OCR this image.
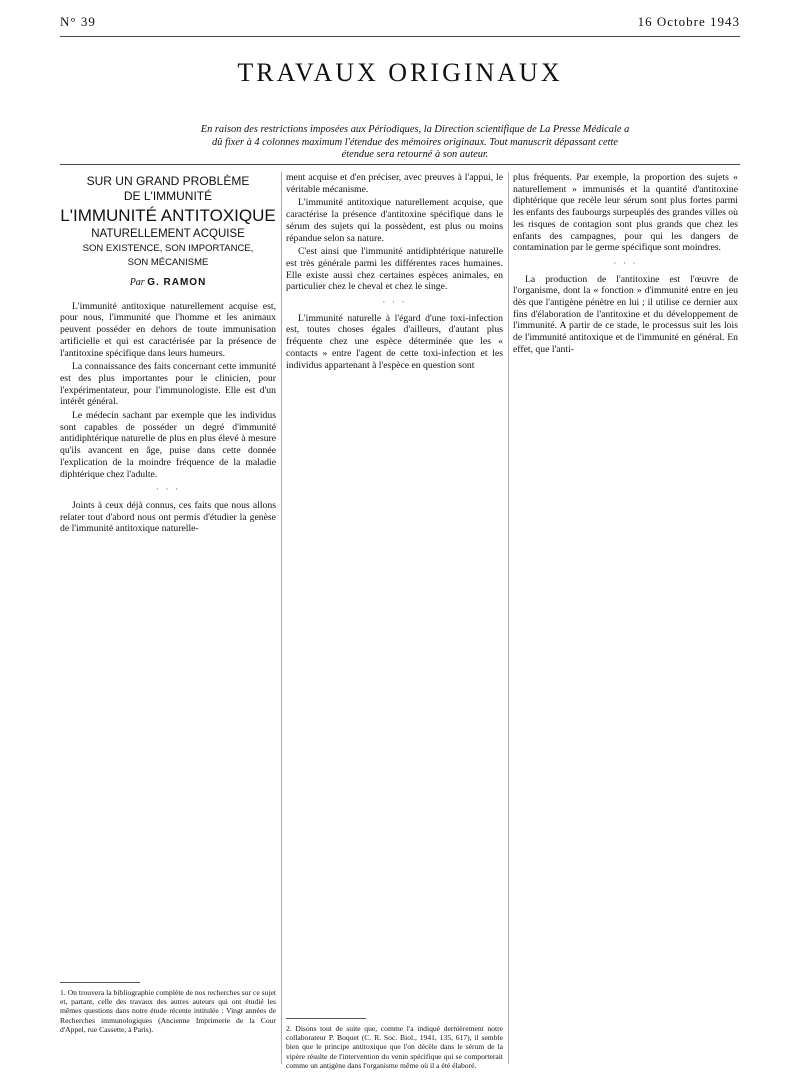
N° 39	16 Octobre 1943
TRAVAUX ORIGINAUX
En raison des restrictions imposées aux Périodiques, la Direction scientifique de La Presse Médicale a dû fixer à 4 colonnes maximum l'étendue des mémoires originaux. Tout manuscrit dépassant cette étendue sera retourné à son auteur.
SUR UN GRAND PROBLÈME
DE L'IMMUNITÉ
L'IMMUNITÉ ANTITOXIQUE
NATURELLEMENT ACQUISE
SON EXISTENCE, SON IMPORTANCE,
SON MÉCANISME
Par G. RAMON

L'immunité antitoxique naturellement acquise est, pour nous, l'immunité que l'homme et les animaux peuvent posséder en dehors de toute immunisation artificielle et qui est caractérisée par la présence de l'antitoxine spécifique dans leurs humeurs.

La connaissance des faits concernant cette immunité est des plus importantes pour le clinicien, pour l'expérimentateur, pour l'immunologiste. Elle est d'un intérêt général.

Le médecin sachant par exemple que les individus sont capables de posséder un degré d'immunité antidiphtérique naturelle de plus en plus élevé à mesure qu'ils avancent en âge, puise dans cette donnée l'explication de la moindre fréquence de la maladie diphtérique chez l'adulte.

· · ·

Joints à ceux déjà connus, ces faits que nous allons relater tout d'abord nous ont permis d'étudier la genèse de l'immunité antitoxique naturelle-

ment acquise et d'en préciser, avec preuves à l'appui, le véritable mécanisme.

L'immunité antitoxique naturellement acquise, que caractérise la présence d'antitoxine spécifique dans le sérum des sujets qui la possèdent, est plus ou moins répandue selon sa nature.

C'est ainsi que l'immunité antidiphtérique naturelle est très générale parmi les différentes races humaines. Elle existe aussi chez certaines espèces animales, en particulier chez le cheval et chez le singe.

· · ·

L'immunité naturelle à l'égard d'une toxi-infection est, toutes choses égales d'ailleurs, d'autant plus fréquente chez une espèce déterminée que les « contacts » entre l'agent de cette toxi-infection et les individus appartenant à l'espèce en question sont

plus fréquents. Par exemple, la proportion des sujets « naturellement » immunisés et la quantité d'antitoxine diphtérique que recèle leur sérum sont plus fortes parmi les enfants des faubourgs surpeuplés des grandes villes où les risques de contagion sont plus grands que chez les enfants des campagnes, pour qui les dangers de contamination par le germe spécifique sont moindres.

· · ·

La production de l'antitoxine est l'œuvre de l'organisme, dont la « fonction » d'immunité entre en jeu dès que l'antigène pénètre en lui ; il utilise ce dernier aux fins d'élaboration de l'antitoxine et du développement de l'immunité. A partir de ce stade, le processus suit les lois de l'immunité antitoxique et de l'immunité en général. En effet, que l'anti-

1. On trouvera la bibliographie complète de nos recherches sur ce sujet et, partant, celle des travaux des autres auteurs qui ont étudié les mêmes questions dans notre étude récente intitulée : Vingt années de Recherches immunologiques (Ancienne Imprimerie de la Cour d'Appel, rue Cassette, à Paris).	2. Disons tout de suite que, comme l'a indiqué dernièrement notre collaborateur P. Boquet (C. R. Soc. Biol., 1941, 135, 617), il semble bien que le principe antitoxique que l'on décèle dans le sérum de la vipère résulte de l'intervention du venin spécifique qui se comporterait comme un antigène dans l'organisme même où il a été élaboré.
